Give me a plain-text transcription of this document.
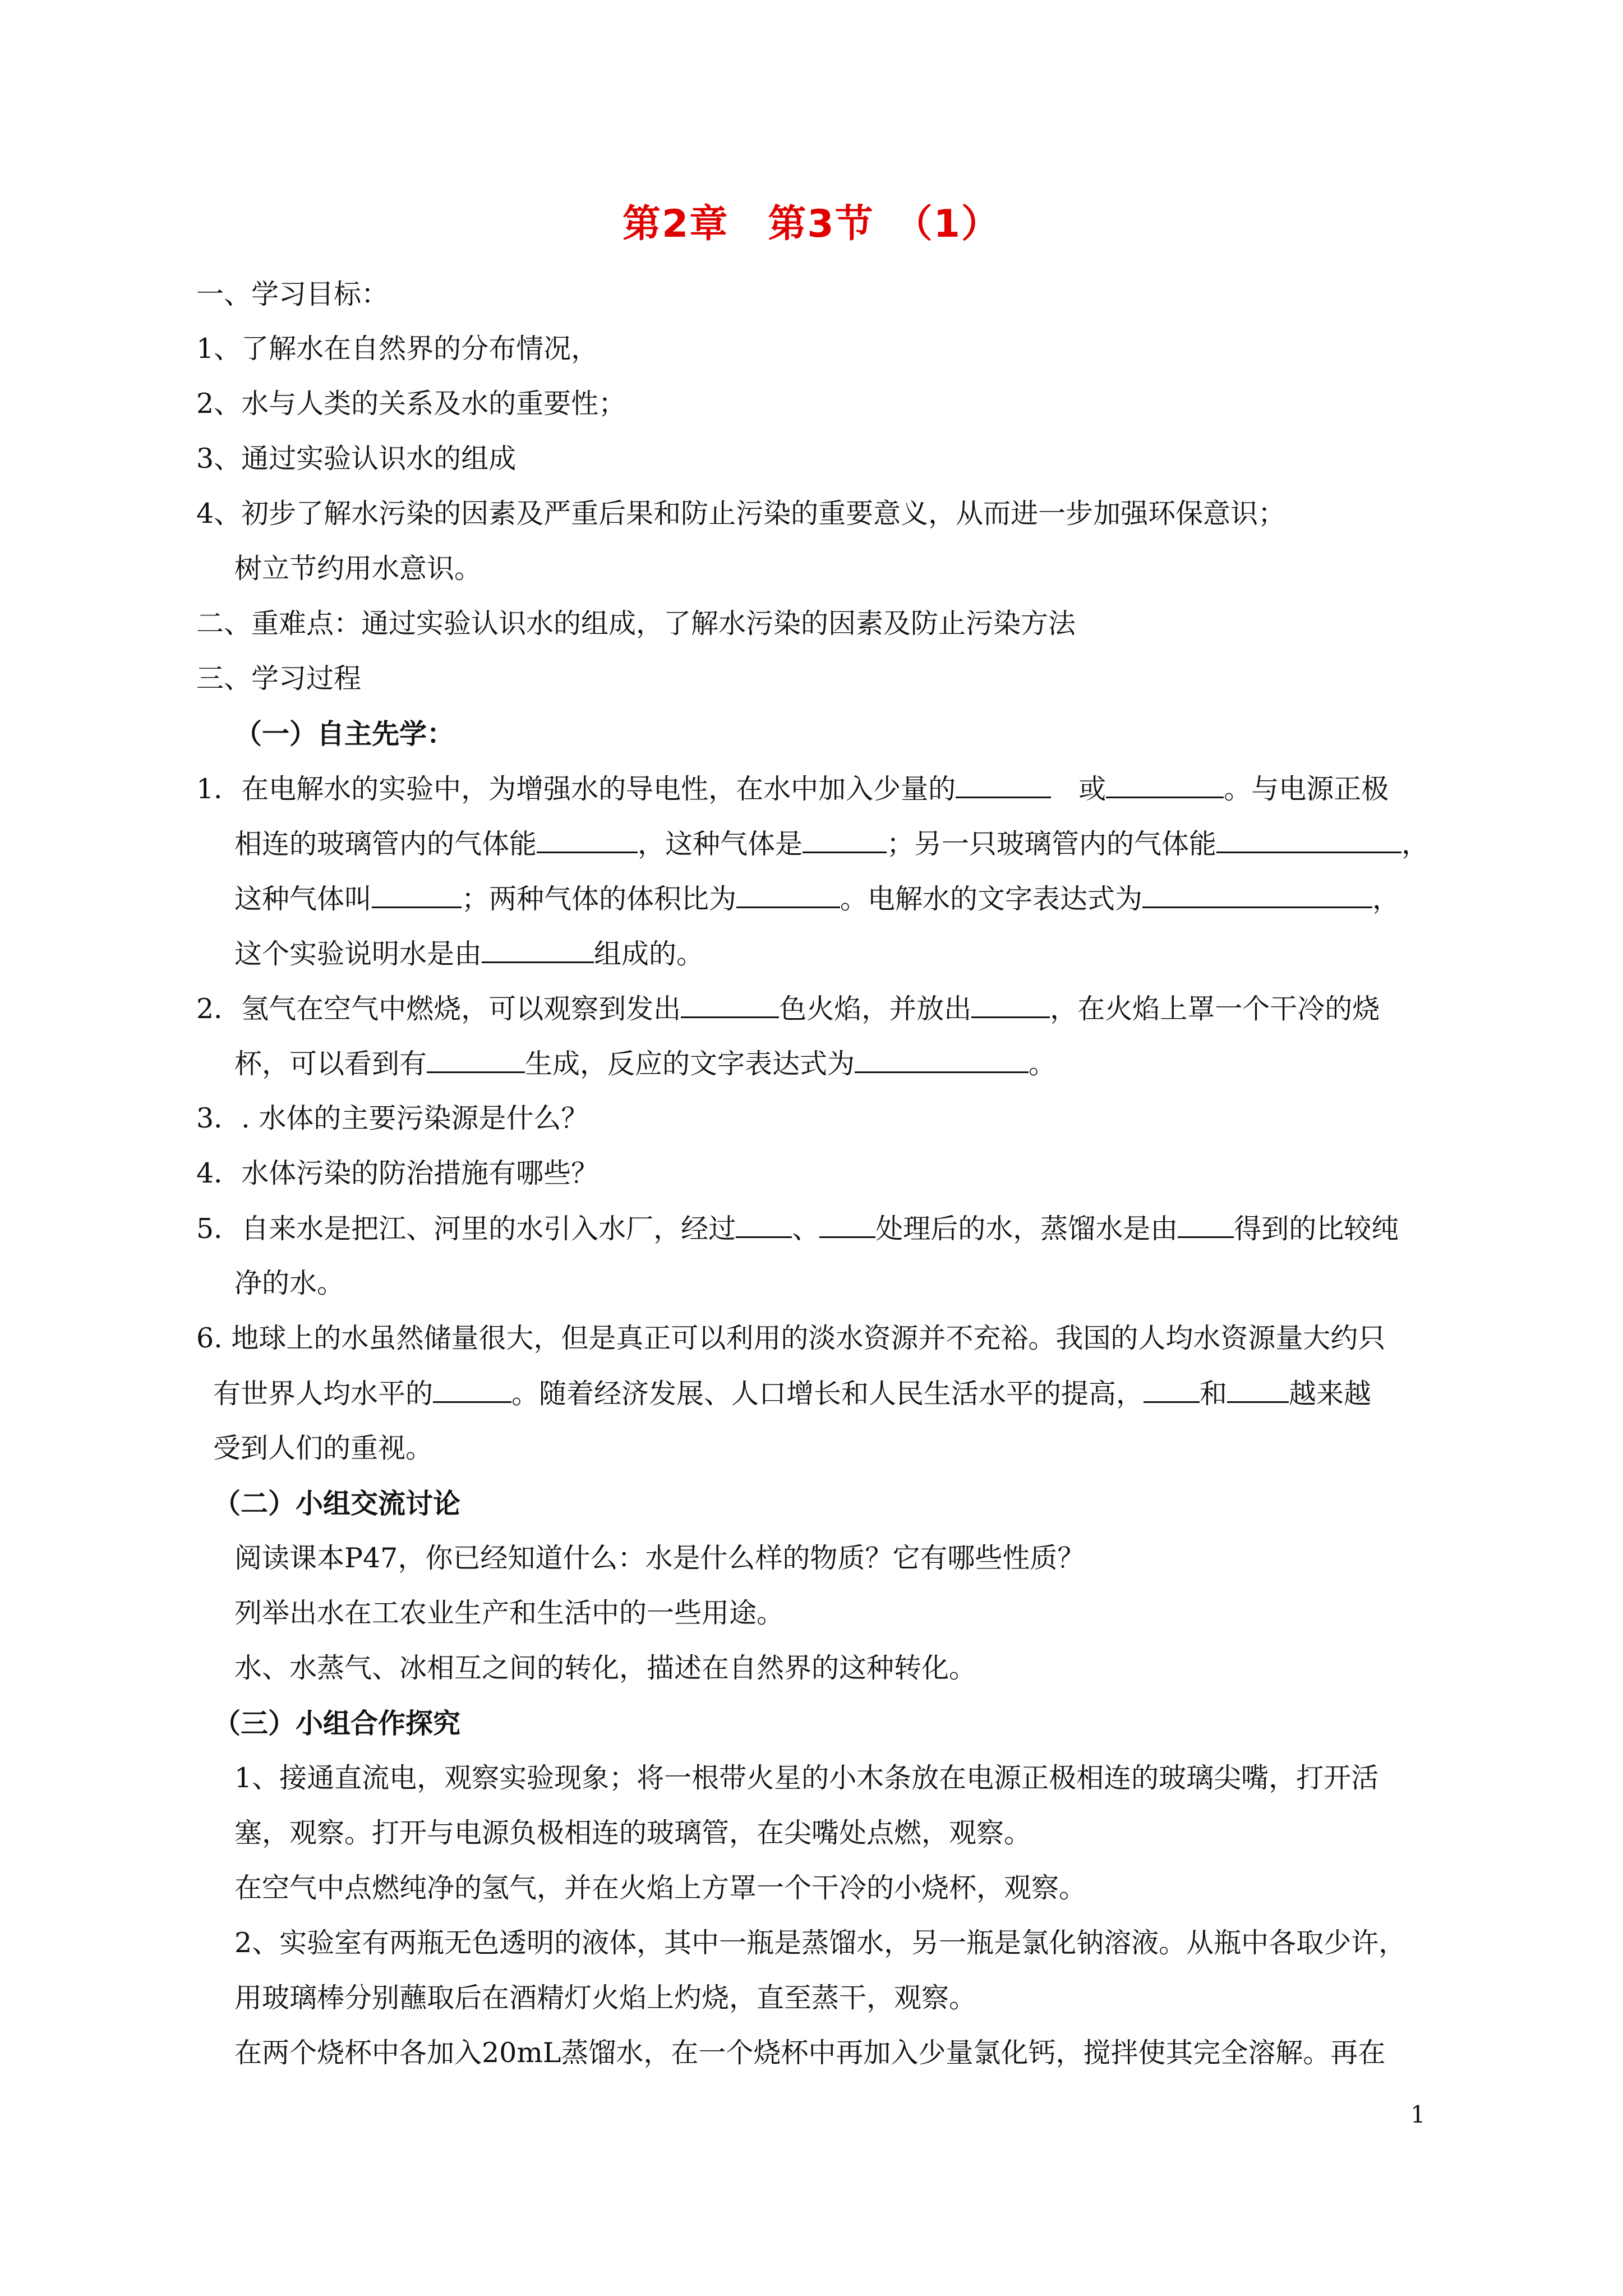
第2章　第3节　（1）
一、学习目标：
1、了解水在自然界的分布情况，
2、水与人类的关系及水的重要性；
3、通过实验认识水的组成
4、初步了解水污染的因素及严重后果和防止污染的重要意义，从而进一步加强环保意识；
树立节约用水意识。
二、重难点：通过实验认识水的组成，了解水污染的因素及防止污染方法
三、学习过程
（一）自主先学：
1．在电解水的实验中，为增强水的导电性，在水中加入少量的　	或	。与电源正极
相连的玻璃管内的气体能	，这种气体是	；另一只玻璃管内的气体能	，
这种气体叫	；两种气体的体积比为	。电解水的文字表达式为	，
这个实验说明水是由	组成的。
2．氢气在空气中燃烧，可以观察到发出	色火焰，并放出	，在火焰上罩一个干冷的烧
杯，可以看到有	生成，反应的文字表达式为	。
3．. 水体的主要污染源是什么？
4．水体污染的防治措施有哪些？
5．自来水是把江、河里的水引入水厂，经过 、 处理后的水，蒸馏水是由 得到的比较纯
净的水。
6. 地球上的水虽然储量很大，但是真正可以利用的淡水资源并不充裕。我国的人均水资源量大约只
有世界人均水平的	。随着经济发展、人口增长和人民生活水平的提高， 和 越来越
受到人们的重视。
（二）小组交流讨论
阅读课本P47，你已经知道什么：水是什么样的物质？它有哪些性质？
列举出水在工农业生产和生活中的一些用途。
水、水蒸气、冰相互之间的转化，描述在自然界的这种转化。
（三）小组合作探究
1、接通直流电，观察实验现象；将一根带火星的小木条放在电源正极相连的玻璃尖嘴，打开活
塞，观察。打开与电源负极相连的玻璃管，在尖嘴处点燃，观察。
在空气中点燃纯净的氢气，并在火焰上方罩一个干冷的小烧杯，观察。
2、实验室有两瓶无色透明的液体，其中一瓶是蒸馏水，另一瓶是氯化钠溶液。从瓶中各取少许，
用玻璃棒分别蘸取后在酒精灯火焰上灼烧，直至蒸干，观察。
在两个烧杯中各加入20mL蒸馏水，在一个烧杯中再加入少量氯化钙，搅拌使其完全溶解。再在
1
